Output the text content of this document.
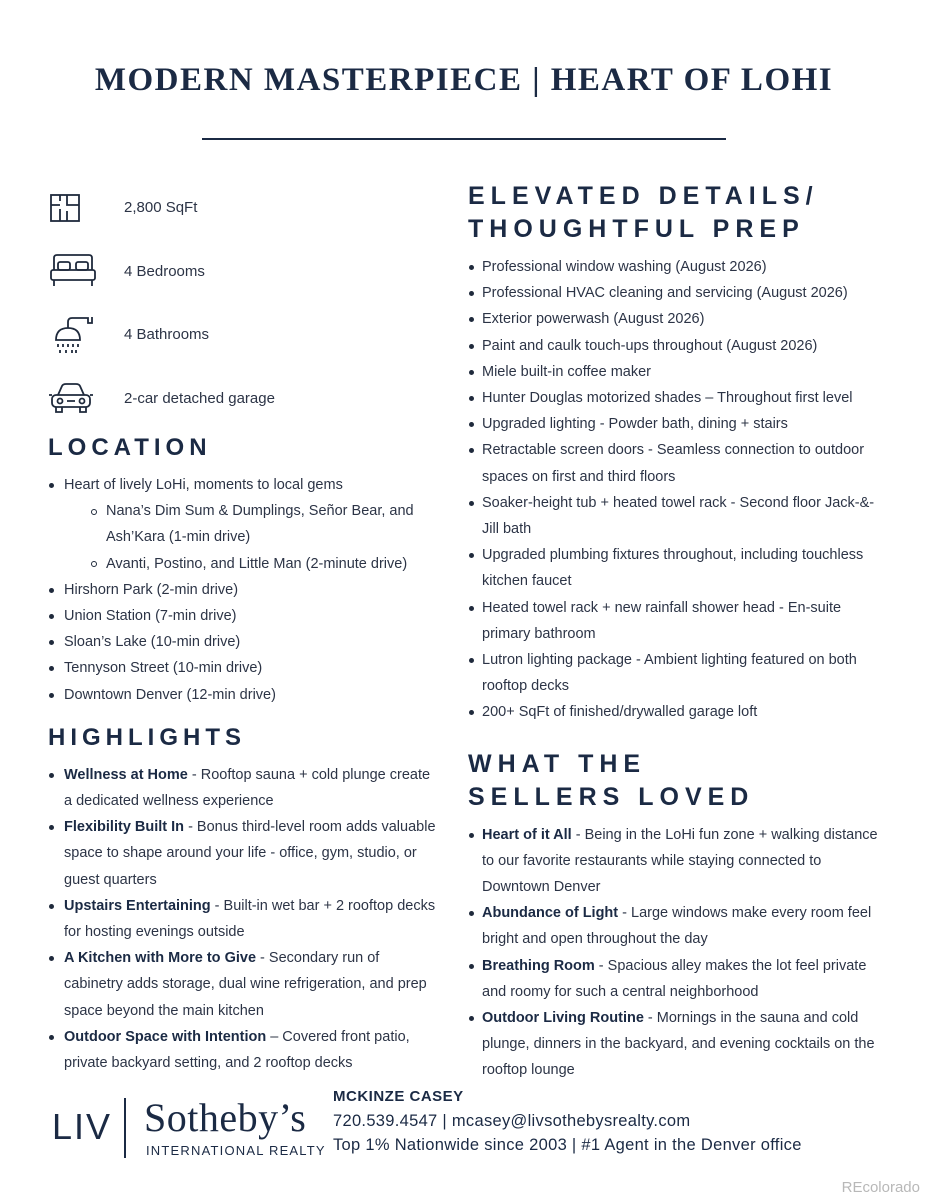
MODERN MASTERPIECE | HEART OF LOHI
2,800 SqFt
4 Bedrooms
4 Bathrooms
2-car detached garage
LOCATION
Heart of lively LoHi, moments to local gems
Nana’s Dim Sum & Dumplings, Señor Bear, and Ash’Kara (1-min drive)
Avanti, Postino, and Little Man (2-minute drive)
Hirshorn Park (2-min drive)
Union Station (7-min drive)
Sloan’s Lake (10-min drive)
Tennyson Street (10-min drive)
Downtown Denver (12-min drive)
HIGHLIGHTS
Wellness at Home - Rooftop sauna + cold plunge create a dedicated wellness experience
Flexibility Built In - Bonus third-level room adds valuable space to shape around your life - office, gym, studio, or guest quarters
Upstairs Entertaining - Built-in wet bar + 2 rooftop decks for hosting evenings outside
A Kitchen with More to Give - Secondary run of cabinetry adds storage, dual wine refrigeration, and prep space beyond the main kitchen
Outdoor Space with Intention – Covered front patio, private backyard setting, and 2 rooftop decks
ELEVATED DETAILS/
THOUGHTFUL PREP
Professional window washing (August 2026)
Professional HVAC cleaning and servicing (August 2026)
Exterior powerwash (August 2026)
Paint and caulk touch-ups throughout (August 2026)
Miele built-in coffee maker
Hunter Douglas motorized shades – Throughout first level
Upgraded lighting - Powder bath, dining + stairs
Retractable screen doors - Seamless connection to outdoor spaces on first and third floors
Soaker-height tub + heated towel rack - Second floor Jack-&-Jill bath
Upgraded plumbing fixtures throughout, including touchless kitchen faucet
Heated towel rack + new rainfall shower head - En-suite primary bathroom
Lutron lighting package - Ambient lighting featured on both rooftop decks
200+ SqFt of finished/drywalled garage loft
WHAT THE
SELLERS LOVED
Heart of it All - Being in the LoHi fun zone + walking distance to our favorite restaurants while staying connected to Downtown Denver
Abundance of Light - Large windows make every room feel bright and open throughout the day
Breathing Room - Spacious alley makes the lot feel private and roomy for such a central neighborhood
Outdoor Living Routine - Mornings in the sauna and cold plunge, dinners in the backyard, and evening cocktails on the rooftop lounge
LIV Sotheby’s
INTERNATIONAL REALTY
MCKINZE CASEY
720.539.4547 | mcasey@livsothebysrealty.com
Top 1% Nationwide since 2003 | #1 Agent in the Denver office
REcolorado
